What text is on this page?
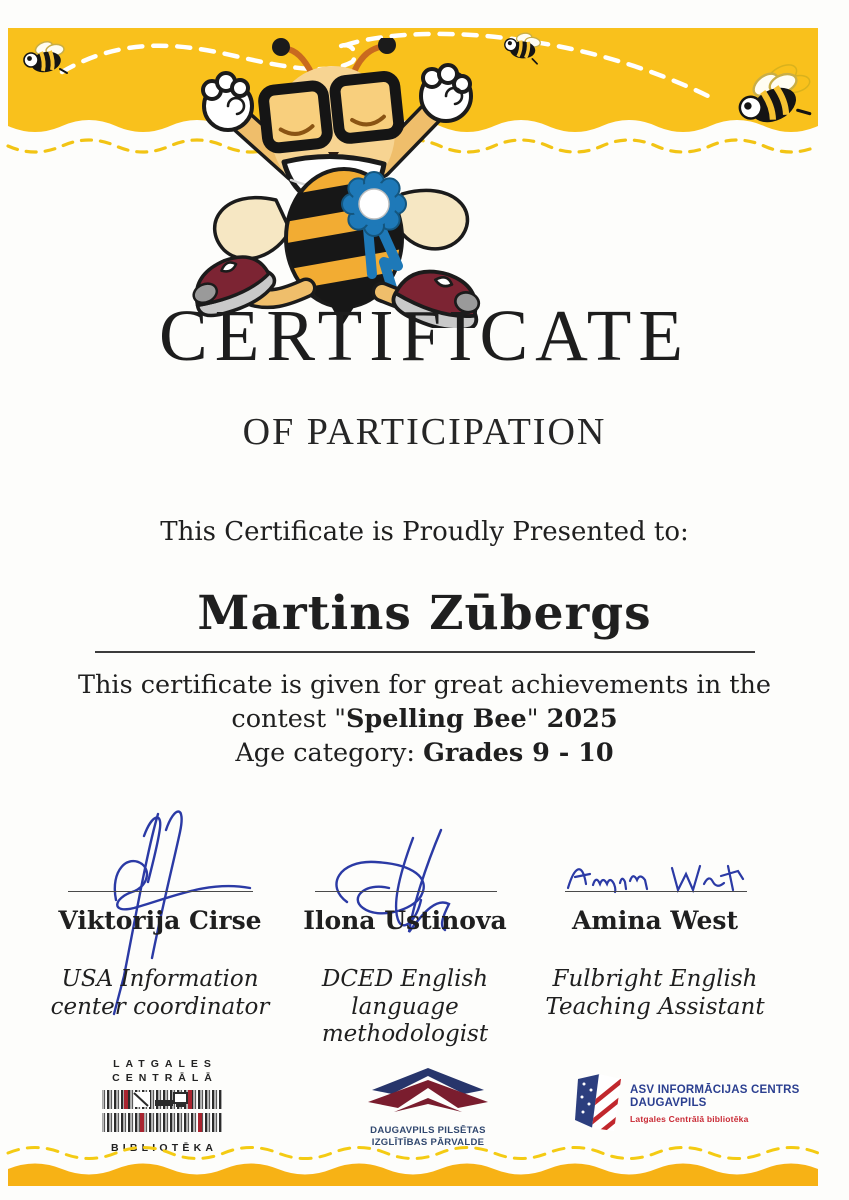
CERTIFICATE
OF PARTICIPATION
This Certificate is Proudly Presented to:
Martins Zūbergs
This certificate is given for great achievements in the
contest "Spelling Bee" 2025
Age category: Grades 9 - 10
Viktorija Cirse
USA Information
center coordinator
Ilona Ustinova
DCED English
language
methodologist
Amina West
Fulbright English
Teaching Assistant
LATGALES
CENTRĀLĀ
BIBLIOTĒKA
DAUGAVPILS PILSĒTAS
IZGLĪTĪBAS PĀRVALDE
ASV INFORMĀCIJAS CENTRS
DAUGAVPILS
Latgales Centrālā bibliotēka
